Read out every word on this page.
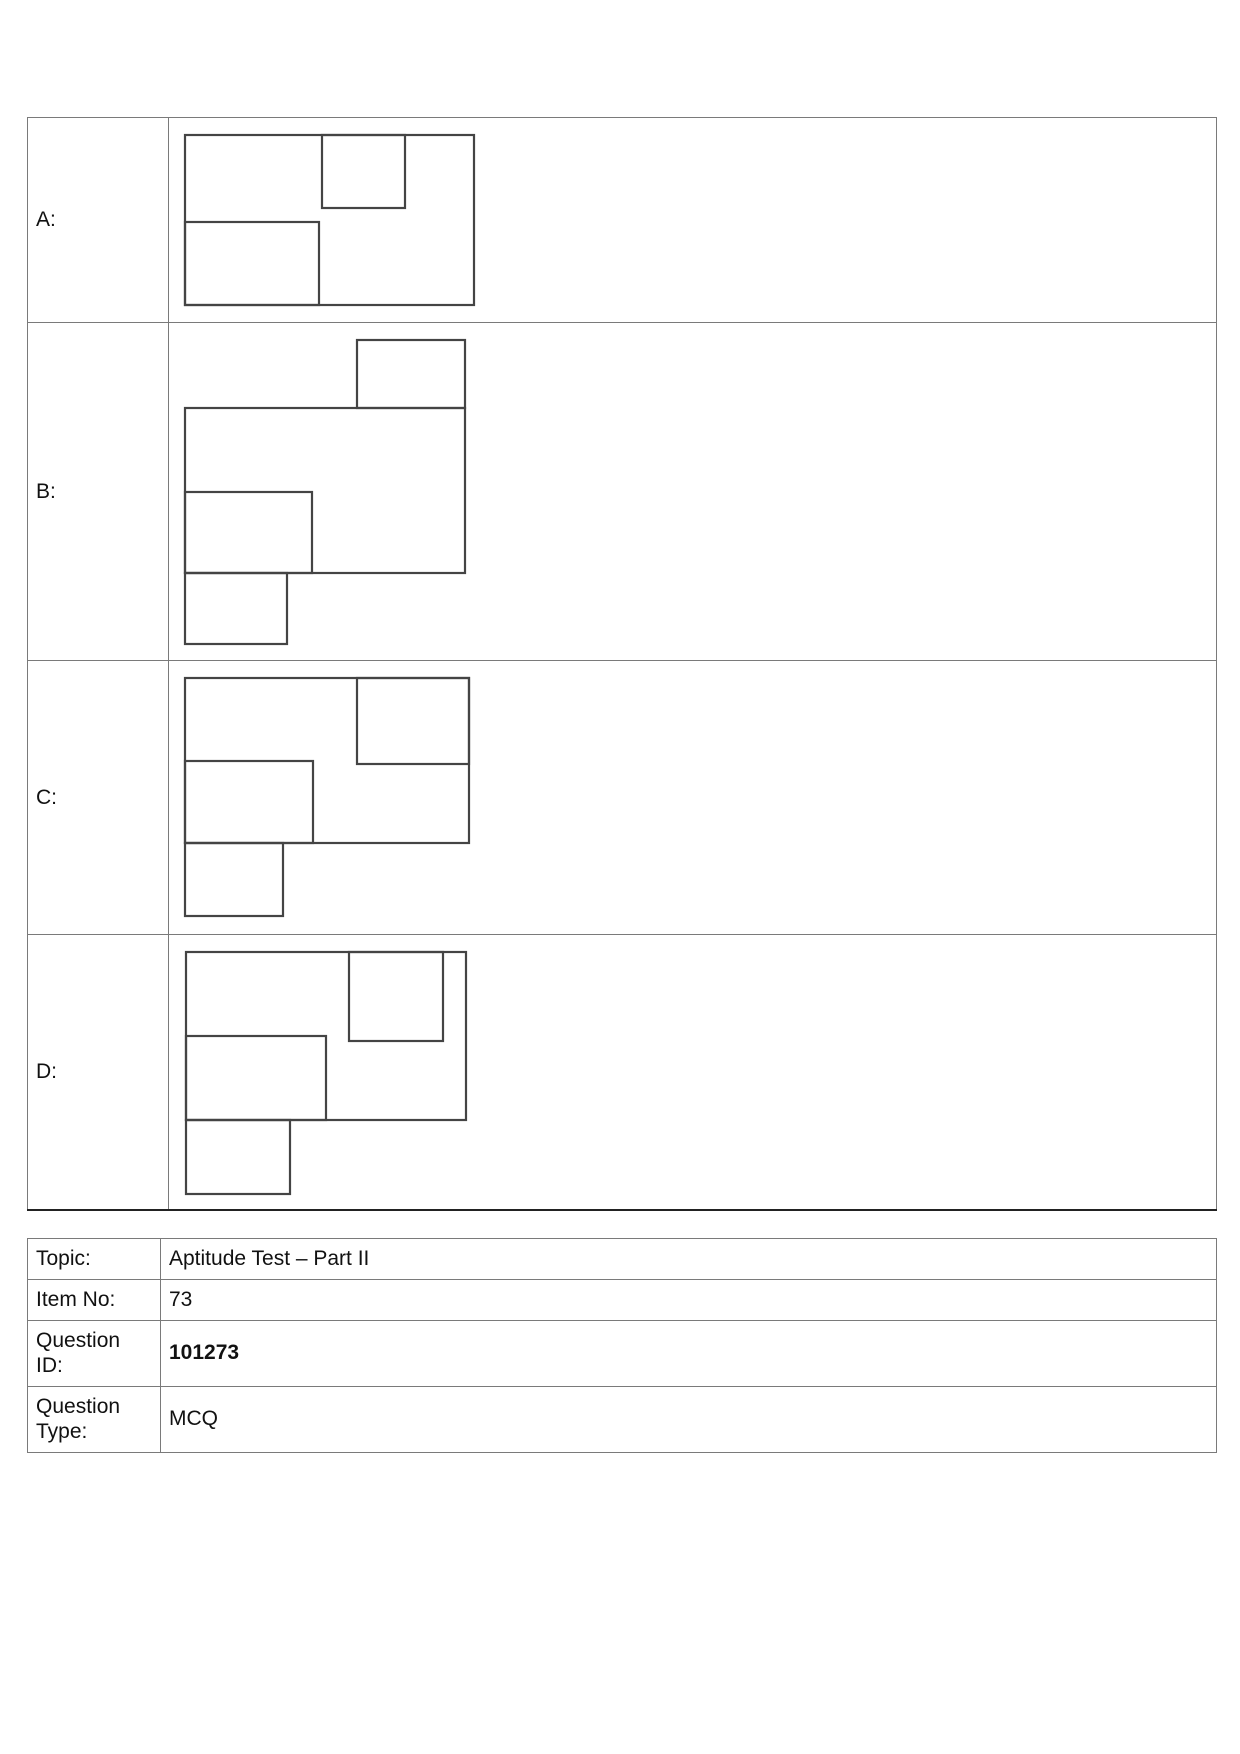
A:	

B:	

C:	

D:	
Topic:	Aptitude Test – Part II
Item No:	73
Question ID:	101273
Question Type:	MCQ
